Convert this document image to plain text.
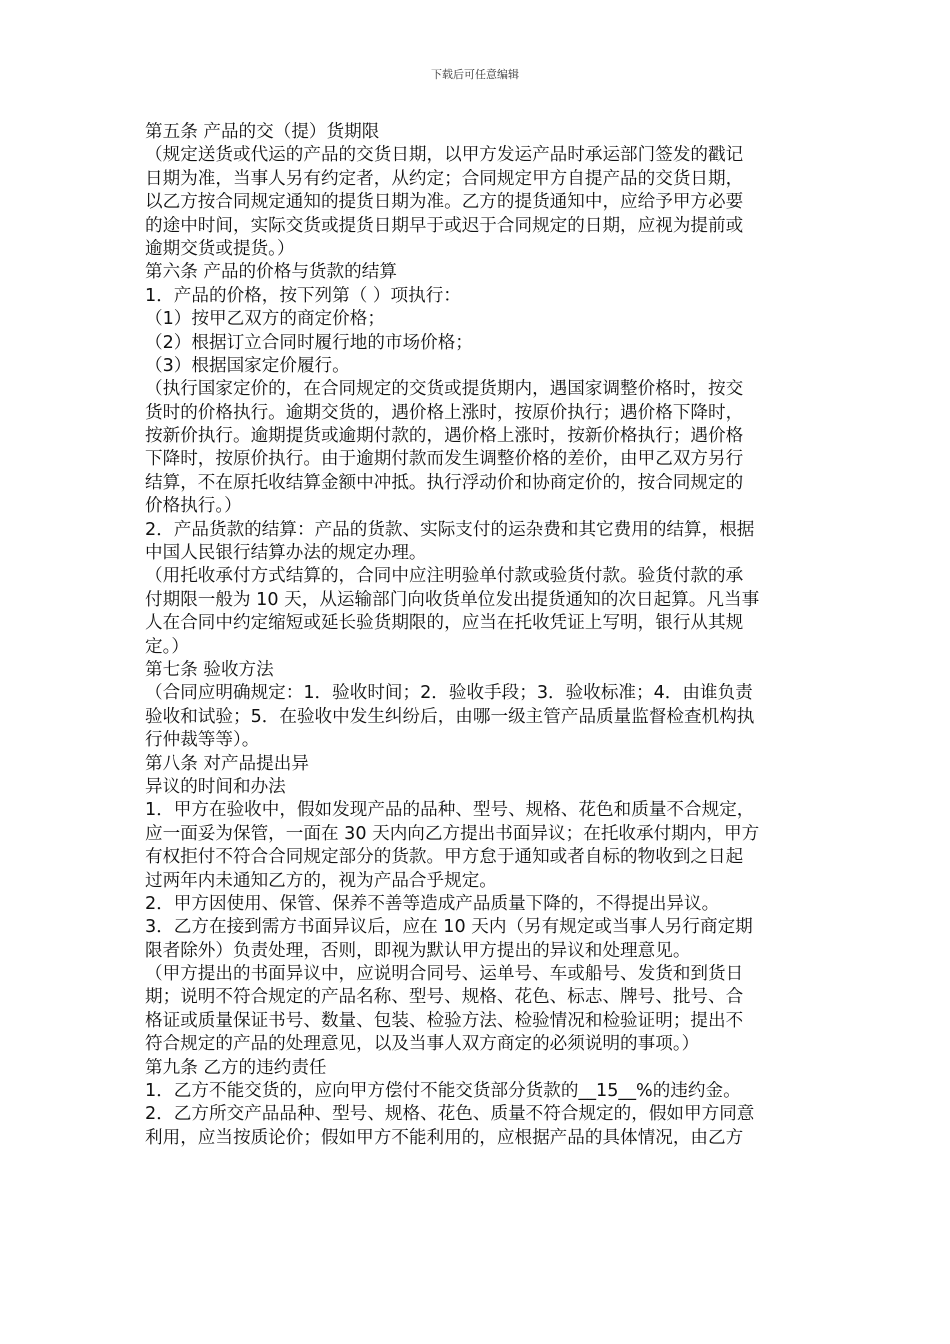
下载后可任意编辑
第五条 产品的交（提）货期限
（规定送货或代运的产品的交货日期，以甲方发运产品时承运部门签发的戳记
日期为准，当事人另有约定者，从约定；合同规定甲方自提产品的交货日期，
以乙方按合同规定通知的提货日期为准。乙方的提货通知中，应给予甲方必要
的途中时间，实际交货或提货日期早于或迟于合同规定的日期，应视为提前或
逾期交货或提货。）
第六条 产品的价格与货款的结算
1．产品的价格，按下列第（ ）项执行：
（1）按甲乙双方的商定价格；
（2）根据订立合同时履行地的市场价格；
（3）根据国家定价履行。
（执行国家定价的，在合同规定的交货或提货期内，遇国家调整价格时，按交
货时的价格执行。逾期交货的，遇价格上涨时，按原价执行；遇价格下降时，
按新价执行。逾期提货或逾期付款的，遇价格上涨时，按新价格执行；遇价格
下降时，按原价执行。由于逾期付款而发生调整价格的差价，由甲乙双方另行
结算，不在原托收结算金额中冲抵。执行浮动价和协商定价的，按合同规定的
价格执行。）
2．产品货款的结算：产品的货款、实际支付的运杂费和其它费用的结算，根据
中国人民银行结算办法的规定办理。
（用托收承付方式结算的，合同中应注明验单付款或验货付款。验货付款的承
付期限一般为 10 天，从运输部门向收货单位发出提货通知的次日起算。凡当事
人在合同中约定缩短或延长验货期限的，应当在托收凭证上写明，银行从其规
定。）
第七条 验收方法
（合同应明确规定：1．验收时间；2．验收手段；3．验收标准；4．由谁负责
验收和试验；5．在验收中发生纠纷后，由哪一级主管产品质量监督检查机构执
行仲裁等等）。
第八条 对产品提出异
异议的时间和办法
1．甲方在验收中，假如发现产品的品种、型号、规格、花色和质量不合规定，
应一面妥为保管，一面在 30 天内向乙方提出书面异议；在托收承付期内，甲方
有权拒付不符合合同规定部分的货款。甲方怠于通知或者自标的物收到之日起
过两年内未通知乙方的，视为产品合乎规定。
2．甲方因使用、保管、保养不善等造成产品质量下降的，不得提出异议。
3．乙方在接到需方书面异议后，应在 10 天内（另有规定或当事人另行商定期
限者除外）负责处理，否则，即视为默认甲方提出的异议和处理意见。
（甲方提出的书面异议中，应说明合同号、运单号、车或船号、发货和到货日
期；说明不符合规定的产品名称、型号、规格、花色、标志、牌号、批号、合
格证或质量保证书号、数量、包装、检验方法、检验情况和检验证明；提出不
符合规定的产品的处理意见，以及当事人双方商定的必须说明的事项。）
第九条 乙方的违约责任
1．乙方不能交货的，应向甲方偿付不能交货部分货款的__15__%的违约金。
2．乙方所交产品品种、型号、规格、花色、质量不符合规定的，假如甲方同意
利用，应当按质论价；假如甲方不能利用的，应根据产品的具体情况，由乙方
